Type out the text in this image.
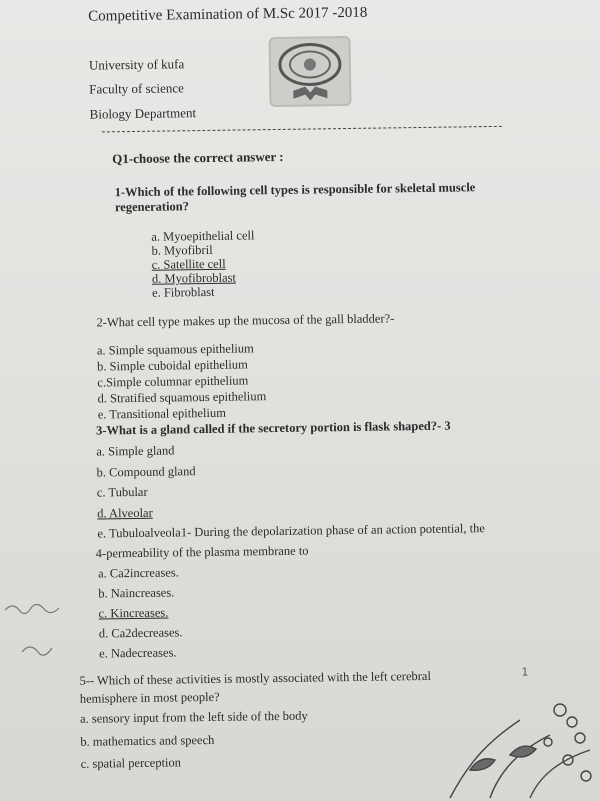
Competitive Examination of M.Sc 2017 -2018
University of kufa
Faculty of science
Biology Department
Q1-choose the correct answer :
1-Which of the following cell types is responsible for skeletal muscle
regeneration?
a. Myoepithelial cell
b. Myofibril
c. Satellite cell
d. Myofibroblast
e. Fibroblast
2-What cell type makes up the mucosa of the gall bladder?-
a. Simple squamous epithelium
b. Simple cuboidal epithelium
c.Simple columnar epithelium
d. Stratified squamous epithelium
e. Transitional epithelium
3-What is a gland called if the secretory portion is flask shaped?- 3
a. Simple gland
b. Compound gland
c. Tubular
d. Alveolar
e. Tubuloalveola1- During the depolarization phase of an action potential, the
4-permeability of the plasma membrane to
a. Ca2increases.
b. Naincreases.
c. Kincreases.
d. Ca2decreases.
e. Nadecreases.
5-- Which of these activities is mostly associated with the left cerebral
hemisphere in most people?
a. sensory input from the left side of the body
b. mathematics and speech
c. spatial perception
1
